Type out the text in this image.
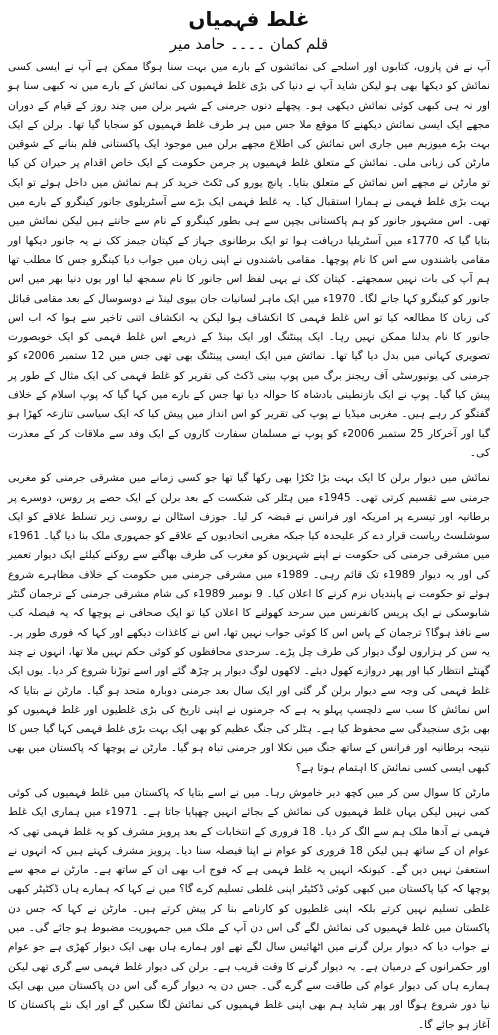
غلط فہمیاں
قلم کمان ۔۔۔۔ حامد میر

آپ نے فن پاروں، کتابوں اور اسلحے کی نمائشوں کے بارے میں بہت سنا ہوگا ممکن ہے آپ نے ایسی کسی نمائش کو دیکھا بھی ہو لیکن شاید آپ نے دنیا کی بڑی غلط فہمیوں کی نمائش کے بارے میں نہ کبھی سنا ہو اور نہ ہی کبھی کوئی نمائش دیکھی ہو۔ پچھلے دنوں جرمنی کے شہر برلن میں چند روز کے قیام کے دوران مجھے ایک ایسی نمائش دیکھنے کا موقع ملا جس میں ہر طرف غلط فہمیوں کو سجایا گیا تھا۔ برلن کے ایک بہت بڑے میوزیم میں جاری اس نمائش کی اطلاع مجھے برلن میں موجود ایک پاکستانی فلم بنانے کے شوقین مارٹن کی زبانی ملی۔ نمائش کے متعلق غلط فہمیوں پر جرمن حکومت کے ایک خاص اقدام پر حیران کن کیا تو مارٹن نے مجھے اس نمائش کے متعلق بتایا۔ پانچ یورو کی ٹکٹ خرید کر ہم نمائش میں داخل ہوئے تو ایک بہت بڑی غلط فہمی نے ہمارا استقبال کیا۔ یہ غلط فہمی ایک بڑے سے آسٹریلوی جانور کینگرو کے بارے میں تھی۔ اس مشہور جانور کو ہم پاکستانی بچپن سے ہی بطور کینگرو کے نام سے جانتے ہیں لیکن نمائش میں بتایا گیا کہ 1770ء میں آسٹریلیا دریافت ہوا تو ایک برطانوی جہاز کے کپتان جیمز کک نے یہ جانور دیکھا اور مقامی باشندوں سے اس کا نام پوچھا۔ مقامی باشندوں نے اپنی زبان میں جواب دیا کینگرو جس کا مطلب تھا ہم آپ کی بات نہیں سمجھتے۔ کپتان کک نے یہی لفظ اس جانور کا نام سمجھ لیا اور یوں دنیا بھر میں اس جانور کو کینگرو کہا جانے لگا۔ 1970ء میں ایک ماہر لسانیات جان بیوی لینڈ نے دوسوسال کے بعد مقامی قبائل کی زبان کا مطالعہ کیا تو اس غلط فہمی کا انکشاف ہوا لیکن یہ انکشاف اتنی تاخیر سے ہوا کہ اب اس جانور کا نام بدلنا ممکن نہیں رہا۔ ایک پینٹنگ اور ایک بینڈ کے ذریعے اس غلط فہمی کو ایک خوبصورت تصویری کہانی میں بدل دیا گیا تھا۔ نمائش میں ایک ایسی پینٹنگ بھی تھی جس میں 12 ستمبر 2006ء کو جرمنی کی یونیورسٹی آف ریجنز برگ میں پوپ بینی ڈکٹ کی تقریر کو غلط فہمی کی ایک مثال کے طور پر پیش کیا گیا۔ پوپ نے ایک بازنطینی بادشاہ کا حوالہ دیا تھا جس کے بارے میں کہا گیا کہ پوپ اسلام کے خلاف گفتگو کر رہے ہیں۔ مغربی میڈیا نے پوپ کی تقریر کو اس انداز میں پیش کیا کہ ایک سیاسی تنازعہ کھڑا ہو گیا اور آخرکار 25 ستمبر 2006ء کو پوپ نے مسلمان سفارت کاروں کے ایک وفد سے ملاقات کر کے معذرت کی۔

نمائش میں دیوار برلن کا ایک بہت بڑا ٹکڑا بھی رکھا گیا تھا جو کسی زمانے میں مشرقی جرمنی کو مغربی جرمنی سے تقسیم کرتی تھی۔ 1945ء میں ہٹلر کی شکست کے بعد برلن کے ایک حصے پر روس، دوسرے پر برطانیہ اور تیسرے پر امریکہ اور فرانس نے قبضہ کر لیا۔ جوزف اسٹالن نے روسی زیر تسلط علاقے کو ایک سوشلسٹ ریاست قرار دے کر علیحدہ کیا جبکہ مغربی اتحادیوں کے علاقے کو جمہوری ملک بنا دیا گیا۔ 1961ء میں مشرقی جرمنی کی حکومت نے اپنے شہریوں کو مغرب کی طرف بھاگنے سے روکنے کیلئے ایک دیوار تعمیر کی اور یہ دیوار 1989ء تک قائم رہی۔ 1989ء میں مشرقی جرمنی میں حکومت کے خلاف مظاہرے شروع ہوئے تو حکومت نے پابندیاں نرم کرنے کا اعلان کیا۔ 9 نومبر 1989ء کی شام مشرقی جرمنی کے ترجمان گنٹر شابوسکی نے ایک پریس کانفرنس میں سرحد کھولنے کا اعلان کیا تو ایک صحافی نے پوچھا کہ یہ فیصلہ کب سے نافذ ہوگا؟ ترجمان کے پاس اس کا کوئی جواب نہیں تھا، اس نے کاغذات دیکھے اور کہا کہ فوری طور پر۔ یہ سن کر ہزاروں لوگ دیوار کی طرف چل پڑے۔ سرحدی محافظوں کو کوئی حکم نہیں ملا تھا، انہوں نے چند گھنٹے انتظار کیا اور پھر دروازے کھول دیئے۔ لاکھوں لوگ دیوار پر چڑھ گئے اور اسے توڑنا شروع کر دیا۔ یوں ایک غلط فہمی کی وجہ سے دیوار برلن گر گئی اور ایک سال بعد جرمنی دوبارہ متحد ہو گیا۔ مارٹن نے بتایا کہ اس نمائش کا سب سے دلچسپ پہلو یہ ہے کہ جرمنوں نے اپنی تاریخ کی بڑی غلطیوں اور غلط فہمیوں کو بھی بڑی سنجیدگی سے محفوظ کیا ہے۔ ہٹلر کی جنگ عظیم کو بھی ایک بہت بڑی غلط فہمی کہا گیا جس کا نتیجہ برطانیہ اور فرانس کے ساتھ جنگ میں نکلا اور جرمنی تباہ ہو گیا۔ مارٹن نے پوچھا کہ پاکستان میں بھی کبھی ایسی کسی نمائش کا اہتمام ہوتا ہے؟

مارٹن کا سوال سن کر میں کچھ دیر خاموش رہا۔ میں نے اسے بتایا کہ پاکستان میں غلط فہمیوں کی کوئی کمی نہیں لیکن یہاں غلط فہمیوں کی نمائش کے بجائے انہیں چھپایا جاتا ہے۔ 1971ء میں ہماری ایک غلط فہمی نے آدھا ملک ہم سے الگ کر دیا۔ 18 فروری کے انتخابات کے بعد پرویز مشرف کو یہ غلط فہمی تھی کہ عوام ان کے ساتھ ہیں لیکن 18 فروری کو عوام نے اپنا فیصلہ سنا دیا۔ پرویز مشرف کہتے ہیں کہ انہوں نے استعفیٰ نہیں دیں گے۔ کیونکہ انہیں یہ غلط فہمی ہے کہ فوج اب بھی ان کے ساتھ ہے۔ مارٹن نے مجھ سے پوچھا کہ کیا پاکستان میں کبھی کوئی ڈکٹیٹر اپنی غلطی تسلیم کرے گا؟ میں نے کہا کہ ہمارے ہاں ڈکٹیٹر کبھی غلطی تسلیم نہیں کرتے بلکہ اپنی غلطیوں کو کارنامے بنا کر پیش کرتے ہیں۔ مارٹن نے کہا کہ جس دن پاکستان میں غلط فہمیوں کی نمائش لگے گی اس دن آپ کے ملک میں جمہوریت مضبوط ہو جائے گی۔ میں نے جواب دیا کہ دیوار برلن گرنے میں اٹھائیس سال لگے تھے اور ہمارے ہاں بھی ایک دیوار کھڑی ہے جو عوام اور حکمرانوں کے درمیان ہے۔ یہ دیوار گرنے کا وقت قریب ہے۔ برلن کی دیوار غلط فہمی سے گری تھی لیکن ہمارے ہاں کی دیوار عوام کی طاقت سے گرے گی۔ جس دن یہ دیوار گرے گی اس دن پاکستان میں بھی ایک نیا دور شروع ہوگا اور پھر شاید ہم بھی اپنی غلط فہمیوں کی نمائش لگا سکیں گے اور ایک نئے پاکستان کا آغاز ہو جائے گا۔
